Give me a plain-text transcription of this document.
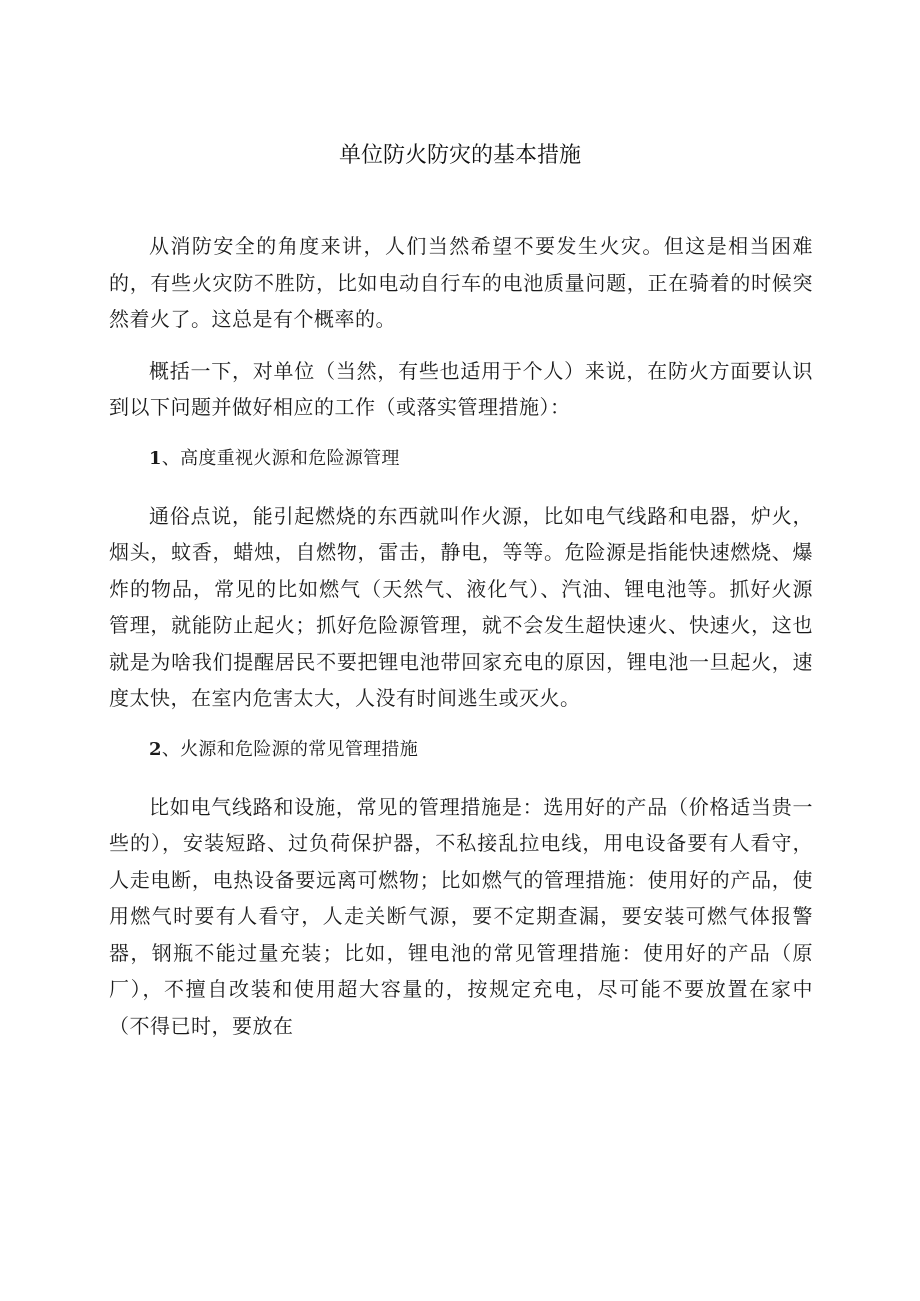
单位防火防灾的基本措施

从消防安全的角度来讲，人们当然希望不要发生火灾。但这是相当困难的，有些火灾防不胜防，比如电动自行车的电池质量问题，正在骑着的时候突然着火了。这总是有个概率的。

概括一下，对单位（当然，有些也适用于个人）来说，在防火方面要认识到以下问题并做好相应的工作（或落实管理措施）：

1、高度重视火源和危险源管理

通俗点说，能引起燃烧的东西就叫作火源，比如电气线路和电器，炉火，烟头，蚊香，蜡烛，自燃物，雷击，静电，等等。危险源是指能快速燃烧、爆炸的物品，常见的比如燃气（天然气、液化气）、汽油、锂电池等。抓好火源管理，就能防止起火；抓好危险源管理，就不会发生超快速火、快速火，这也就是为啥我们提醒居民不要把锂电池带回家充电的原因，锂电池一旦起火，速度太快，在室内危害太大，人没有时间逃生或灭火。

2、火源和危险源的常见管理措施

比如电气线路和设施，常见的管理措施是：选用好的产品（价格适当贵一些的），安装短路、过负荷保护器，不私接乱拉电线，用电设备要有人看守，人走电断，电热设备要远离可燃物；比如燃气的管理措施：使用好的产品，使用燃气时要有人看守，人走关断气源，要不定期查漏，要安装可燃气体报警器，钢瓶不能过量充装；比如，锂电池的常见管理措施：使用好的产品（原厂），不擅自改装和使用超大容量的，按规定充电，尽可能不要放置在家中（不得已时，要放在
